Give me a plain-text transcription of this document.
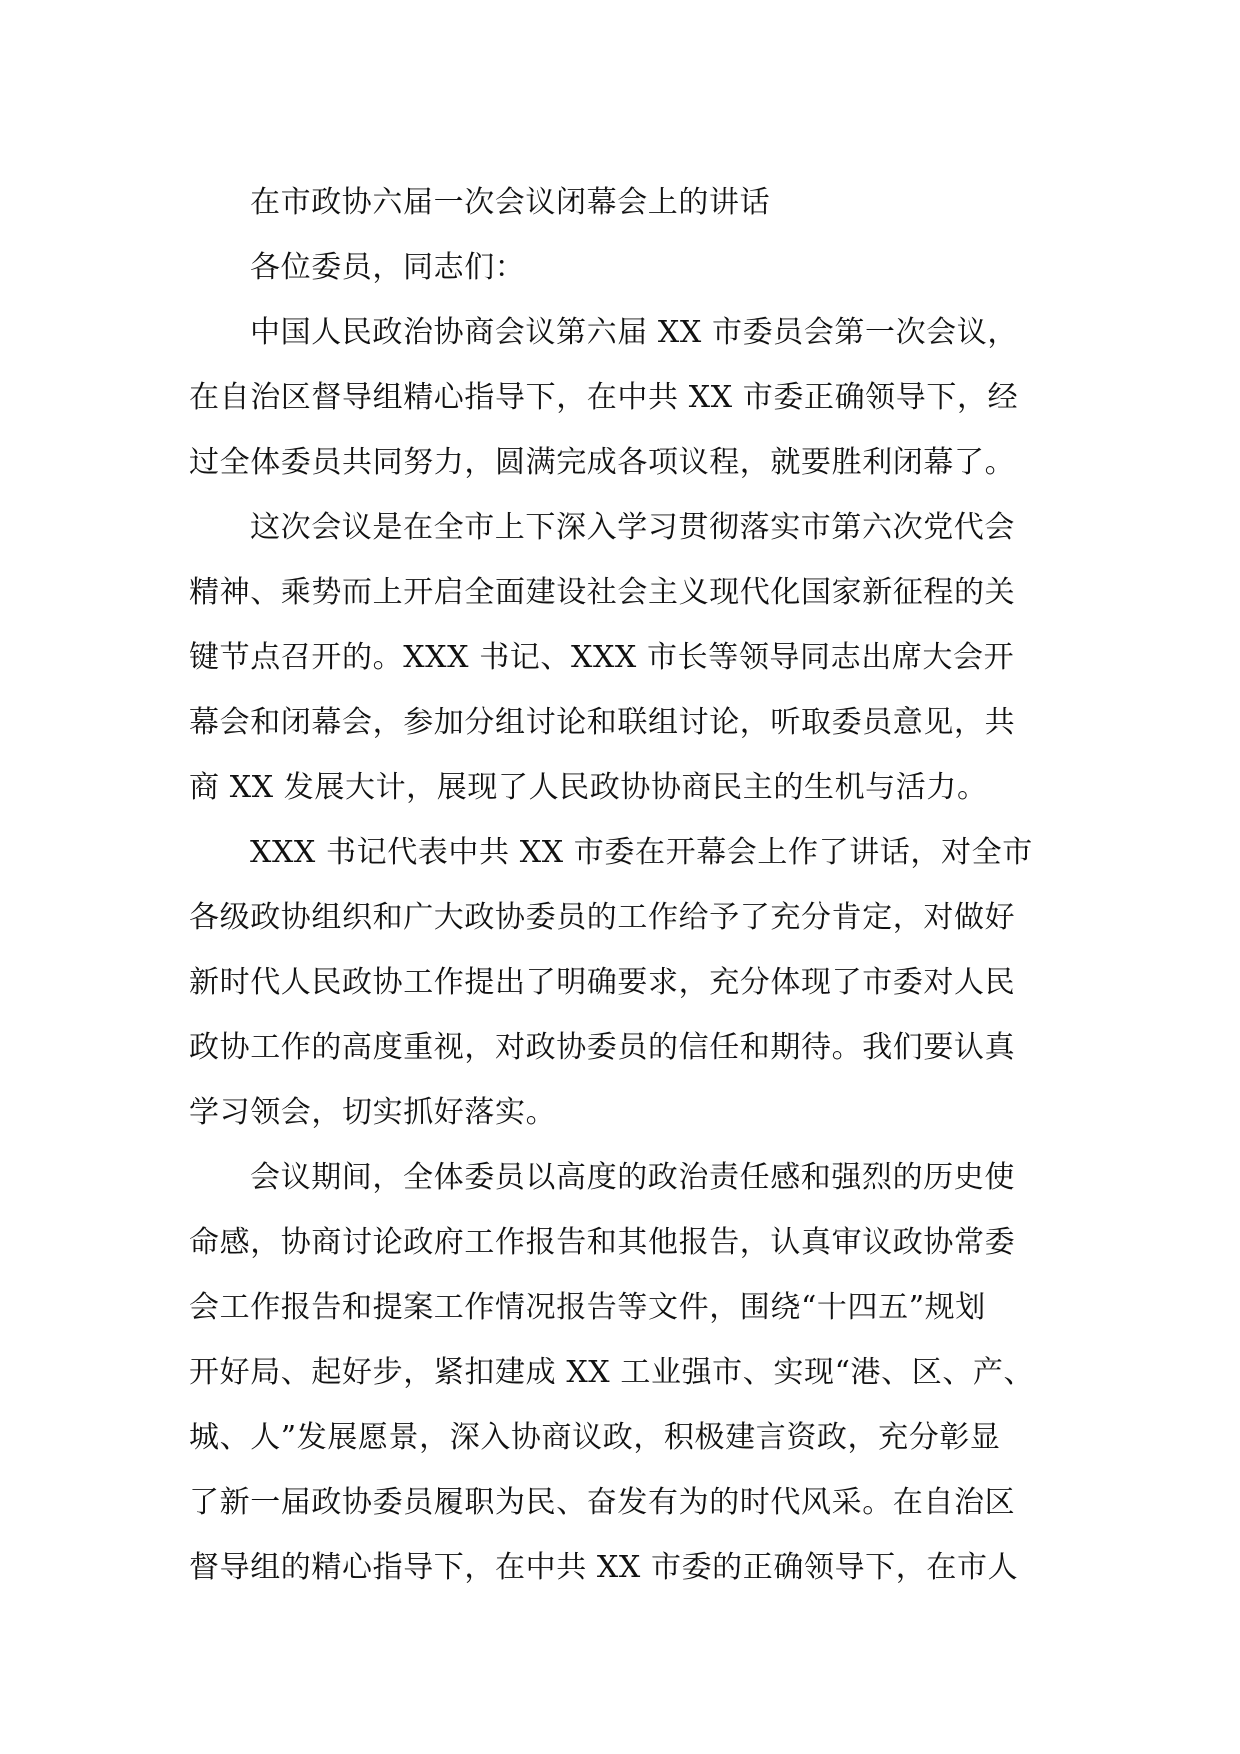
在市政协六届一次会议闭幕会上的讲话

各位委员，同志们：

中国人民政治协商会议第六届 XX 市委员会第一次会议，
在自治区督导组精心指导下，在中共 XX 市委正确领导下，经
过全体委员共同努力，圆满完成各项议程，就要胜利闭幕了。

这次会议是在全市上下深入学习贯彻落实市第六次党代会
精神、乘势而上开启全面建设社会主义现代化国家新征程的关
键节点召开的。XXX 书记、XXX 市长等领导同志出席大会开
幕会和闭幕会，参加分组讨论和联组讨论，听取委员意见，共
商 XX 发展大计，展现了人民政协协商民主的生机与活力。

XXX 书记代表中共 XX 市委在开幕会上作了讲话，对全市
各级政协组织和广大政协委员的工作给予了充分肯定，对做好
新时代人民政协工作提出了明确要求，充分体现了市委对人民
政协工作的高度重视，对政协委员的信任和期待。我们要认真
学习领会，切实抓好落实。

会议期间，全体委员以高度的政治责任感和强烈的历史使
命感，协商讨论政府工作报告和其他报告，认真审议政协常委
会工作报告和提案工作情况报告等文件，围绕“十四五”规划
开好局、起好步，紧扣建成 XX 工业强市、实现“港、区、产、
城、人”发展愿景，深入协商议政，积极建言资政，充分彰显
了新一届政协委员履职为民、奋发有为的时代风采。在自治区
督导组的精心指导下，在中共 XX 市委的正确领导下，在市人
